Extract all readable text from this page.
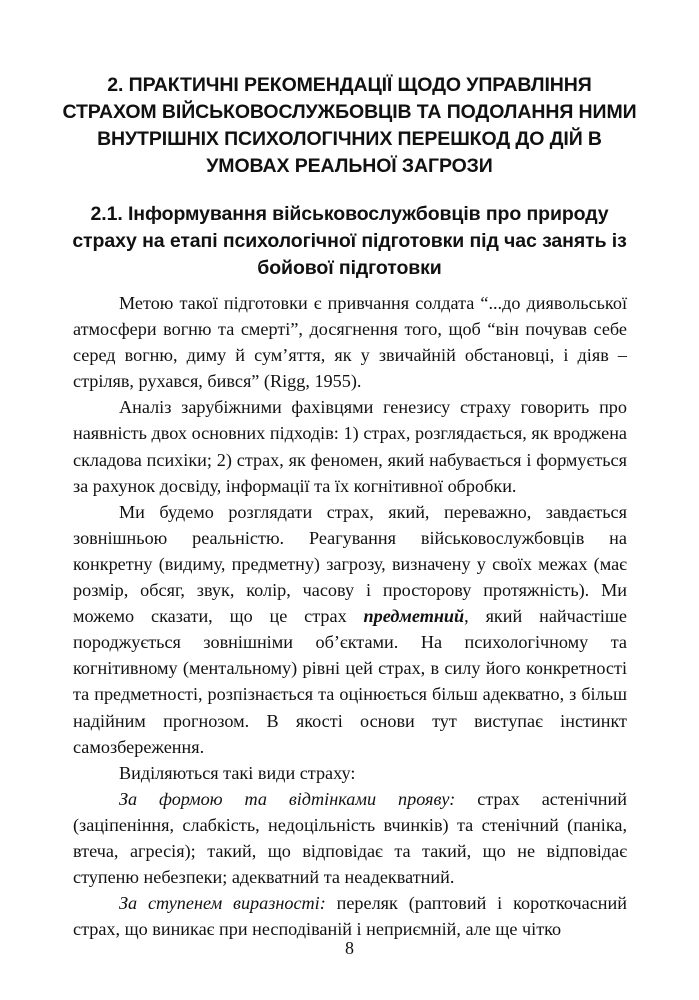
2. ПРАКТИЧНІ РЕКОМЕНДАЦІЇ ЩОДО УПРАВЛІННЯ СТРАХОМ ВІЙСЬКОВОСЛУЖБОВЦІВ ТА ПОДОЛАННЯ НИМИ ВНУТРІШНІХ ПСИХОЛОГІЧНИХ ПЕРЕШКОД ДО ДІЙ В УМОВАХ РЕАЛЬНОЇ ЗАГРОЗИ
2.1. Інформування військовослужбовців про природу страху на етапі психологічної підготовки під час занять із бойової підготовки

Метою такої підготовки є привчання солдата “...до диявольської атмосфери вогню та смерті”, досягнення того, щоб “він почував себе серед вогню, диму й сум’яття, як у звичайній обстановці, і діяв – стріляв, рухався, бився” (Rigg, 1955).

Аналіз зарубіжними фахівцями генезису страху говорить про наявність двох основних підходів: 1) страх, розглядається, як вроджена складова психіки; 2) страх, як феномен, який набувається і формується за рахунок досвіду, інформації та їх когнітивної обробки.

Ми будемо розглядати страх, який, переважно, завдається зовнішньою реальністю. Реагування військовослужбовців на конкретну (видиму, предметну) загрозу, визначену у своїх межах (має розмір, обсяг, звук, колір, часову і просторову протяжність). Ми можемо сказати, що це страх предметний, який найчастіше породжується зовнішніми об’єктами. На психологічному та когнітивному (ментальному) рівні цей страх, в силу його конкретності та предметності, розпізнається та оцінюється більш адекватно, з більш надійним прогнозом. В якості основи тут виступає інстинкт самозбереження.

Виділяються такі види страху:

За формою та відтінками прояву: страх астенічний (заціпеніння, слабкість, недоцільність вчинків) та стенічний (паніка, втеча, агресія); такий, що відповідає та такий, що не відповідає ступеню небезпеки; адекватний та неадекватний.

За ступенем виразності: переляк (раптовий і короткочасний страх, що виникає при несподіваній і неприємній, але ще чітко

8
